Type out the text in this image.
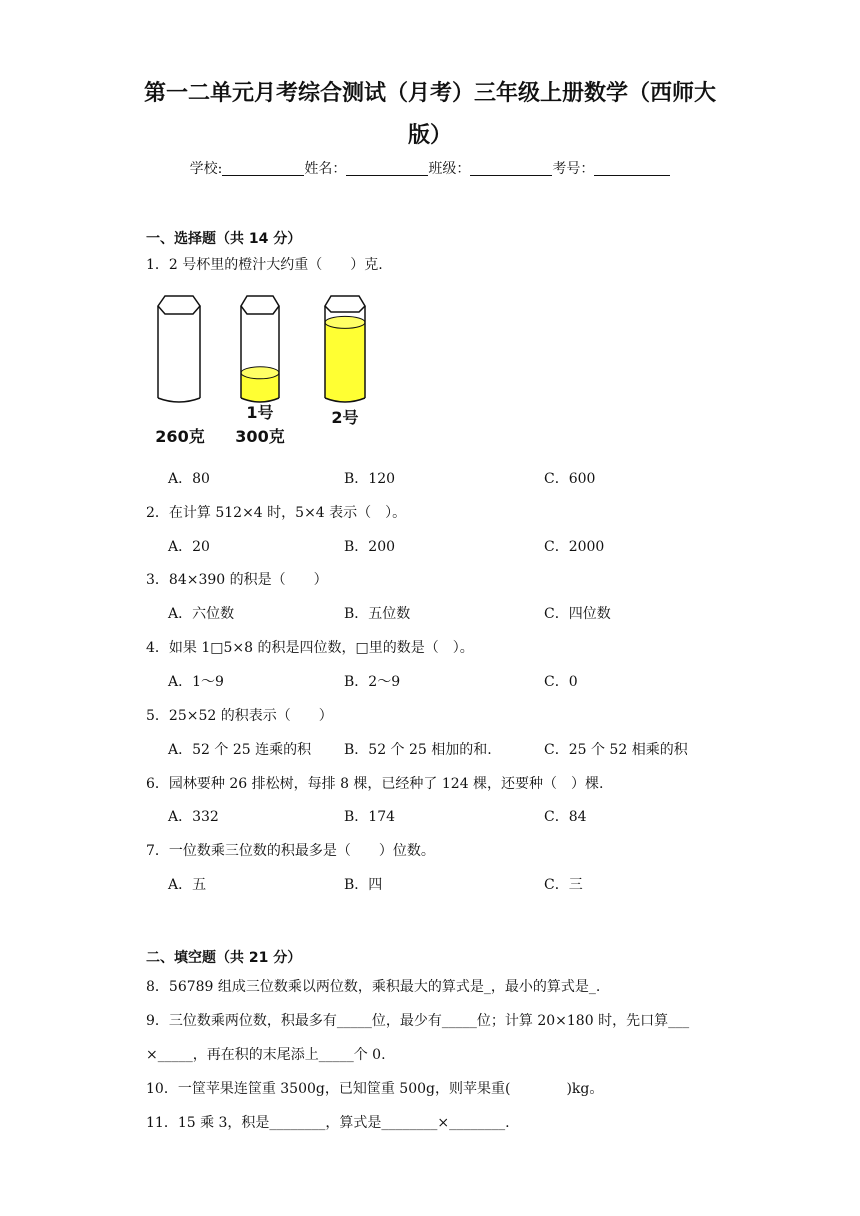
第一二单元月考综合测试（月考）三年级上册数学（西师大
版）
学校:	姓名：	班级：	考号：
一、选择题（共 14 分）
1．2 号杯里的橙汁大约重（　　）克.
260克
1号
300克
2号
A．80	B．120	C．600
2．在计算 512×4 时，5×4 表示（　）。
A．20	B．200	C．2000
3．84×390 的积是（　　）
A．六位数	B．五位数	C．四位数
4．如果 1□5×8 的积是四位数，□里的数是（　）。
A．1～9	B．2～9	C．0
5．25×52 的积表示（　　）
A．52 个 25 连乘的积 B．52 个 25 相加的和.	C．25 个 52 相乘的积
6．园林要种 26 排松树，每排 8 棵，已经种了 124 棵，还要种（　）棵.
A．332	B．174	C．84
7．一位数乘三位数的积最多是（　　）位数。
A．五	B．四	C．三
二、填空题（共 21 分）
8．56789 组成三位数乘以两位数，乘积最大的算式是_，最小的算式是_.
9．三位数乘两位数，积最多有_____位，最少有_____位；计算 20×180 时，先口算___
×_____，再在积的末尾添上_____个 0.
10．一筐苹果连筐重 3500g，已知筐重 500g，则苹果重(　　　　)kg。
11．15 乘 3，积是________，算式是________×________.
